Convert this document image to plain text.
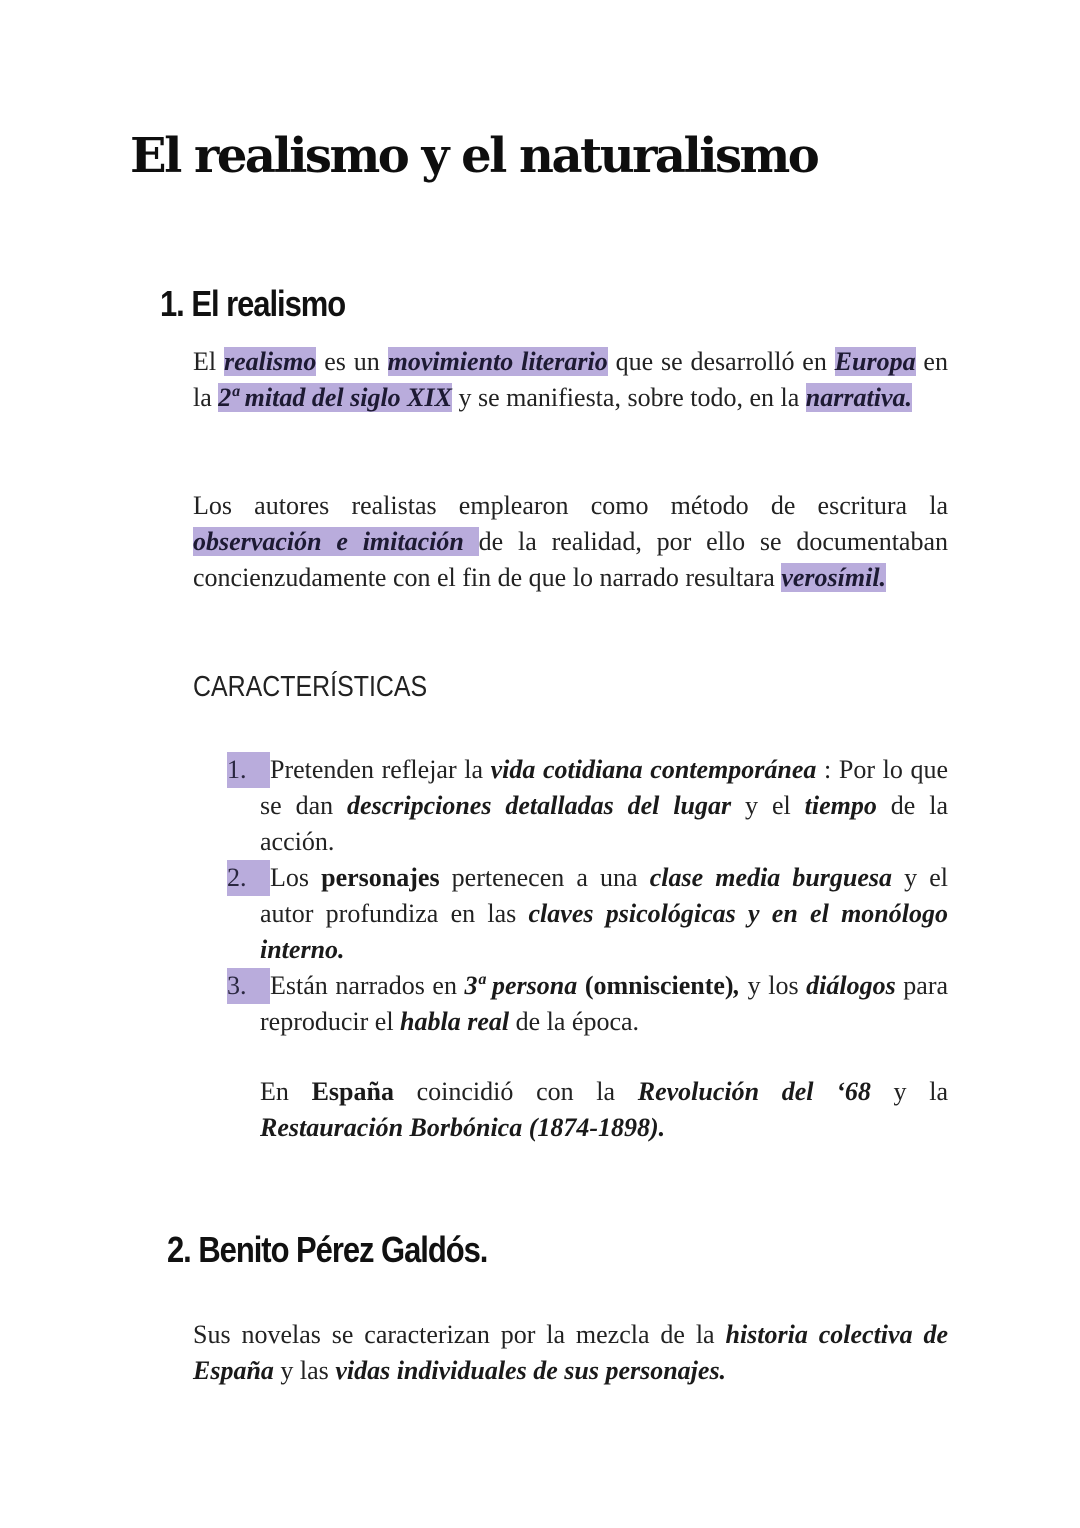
El realismo y el naturalismo
1. El realismo

El realismo es un movimiento literario que se desarrolló en Europa en la 2ª mitad del siglo XIX y se manifiesta, sobre todo, en la narrativa.

Los autores realistas emplearon como método de escritura la observación e imitación de la realidad, por ello se documentaban concienzudamente con el fin de que lo narrado resultara verosímil.

CARACTERÍSTICAS
1. Pretenden reflejar la vida cotidiana contemporánea : Por lo que se dan descripciones detalladas del lugar y el tiempo de la acción.
2. Los personajes pertenecen a una clase media burguesa y el autor profundiza en las claves psicológicas y en el monólogo interno.
3. Están narrados en 3ª persona (omnisciente), y los diálogos para reproducir el habla real de la época.

En España coincidió con la Revolución del ‘68 y la Restauración Borbónica (1874-1898).

2. Benito Pérez Galdós.

Sus novelas se caracterizan por la mezcla de la historia colectiva de España y las vidas individuales de sus personajes.
